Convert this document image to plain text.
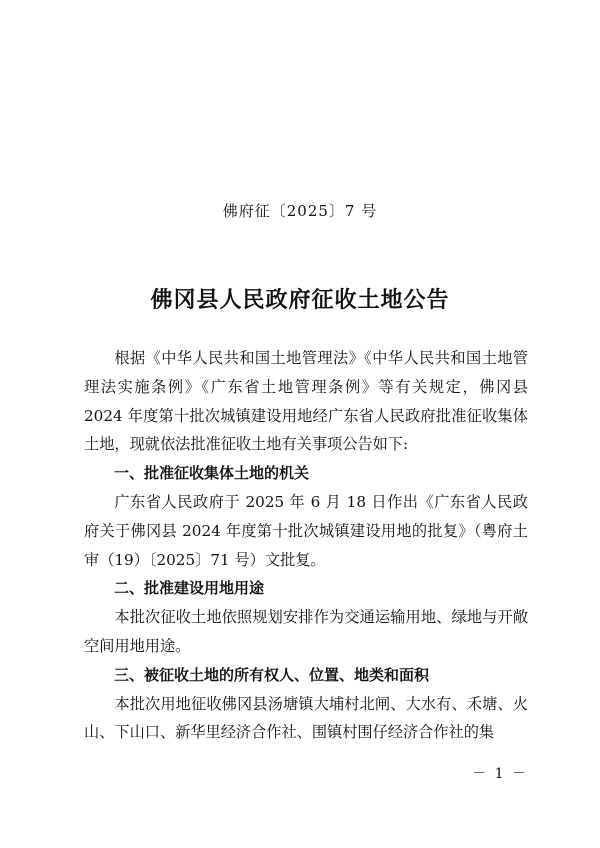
佛府征〔2025〕7 号
佛冈县人民政府征收土地公告

根据《中华人民共和国土地管理法》《中华人民共和国土地管理法实施条例》《广东省土地管理条例》等有关规定，佛冈县 2024 年度第十批次城镇建设用地经广东省人民政府批准征收集体土地，现就依法批准征收土地有关事项公告如下:

一、批准征收集体土地的机关

广东省人民政府于 2025 年 6 月 18 日作出《广东省人民政府关于佛冈县 2024 年度第十批次城镇建设用地的批复》（粤府土审（19）〔2025〕71 号）文批复。

二、批准建设用地用途

本批次征收土地依照规划安排作为交通运输用地、绿地与开敞空间用地用途。

三、被征收土地的所有权人、位置、地类和面积

本批次用地征收佛冈县汤塘镇大埔村北闸、大水𠕇、禾塘、火山、下山口、新华里经济合作社、围镇村围仔经济合作社的集

－ 1 －
